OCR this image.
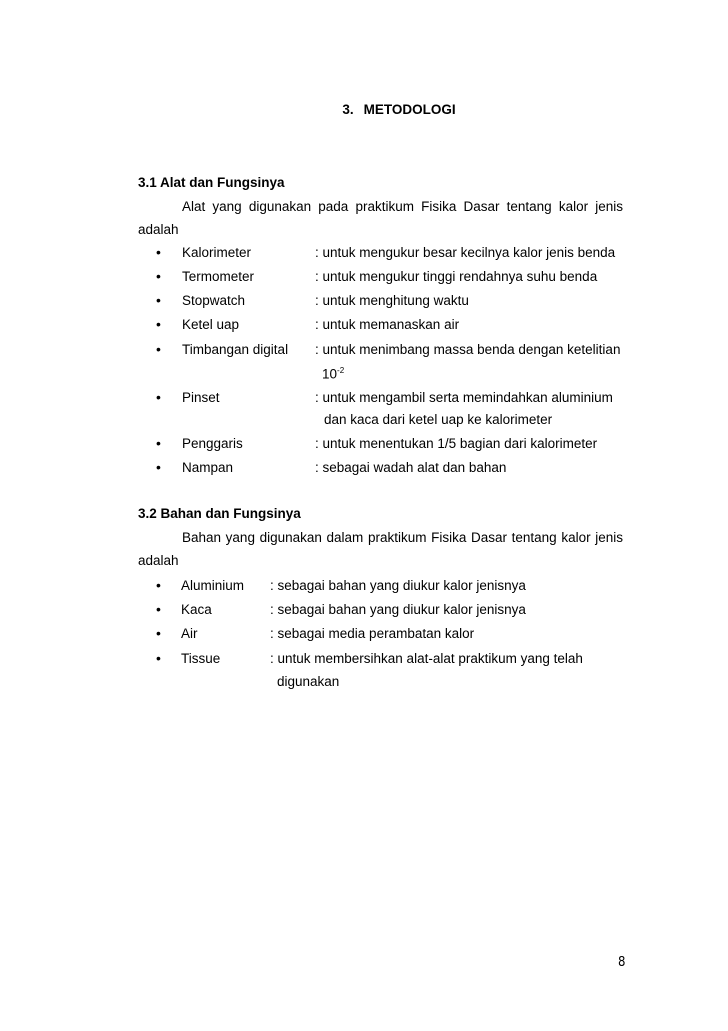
3. METODOLOGI
3.1 Alat dan Fungsinya
Alat yang digunakan pada praktikum Fisika Dasar tentang kalor jenis
adalah
• Kalorimeter	: untuk mengukur besar kecilnya kalor jenis benda
• Termometer	: untuk mengukur tinggi rendahnya suhu benda
• Stopwatch	: untuk menghitung waktu
• Ketel uap	: untuk memanaskan air
• Timbangan digital : untuk menimbang massa benda dengan ketelitian
$10^{-2}$
• Pinset	: untuk mengambil serta memindahkan aluminium
dan kaca dari ketel uap ke kalorimeter
• Penggaris	: untuk menentukan 1/5 bagian dari kalorimeter
• Nampan	: sebagai wadah alat dan bahan
3.2 Bahan dan Fungsinya
Bahan yang digunakan dalam praktikum Fisika Dasar tentang kalor jenis
adalah
• Aluminium : sebagai bahan yang diukur kalor jenisnya
• Kaca	: sebagai bahan yang diukur kalor jenisnya
• Air	: sebagai media perambatan kalor
• Tissue	: untuk membersihkan alat-alat praktikum yang telah
digunakan
8
